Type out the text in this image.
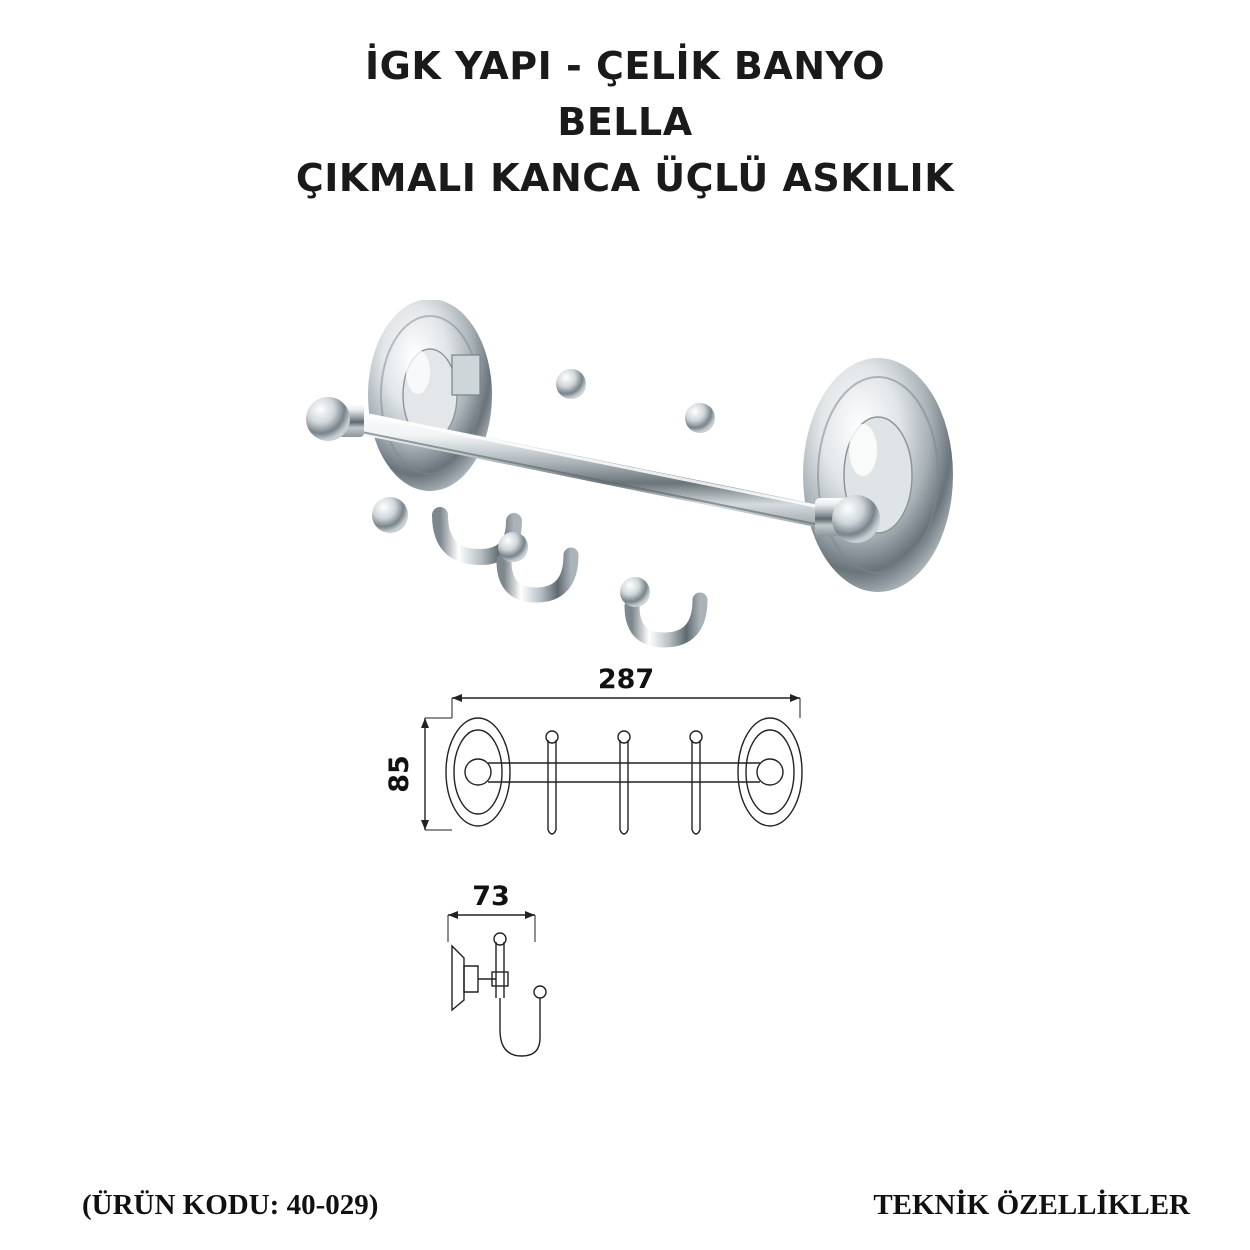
İGK YAPI - ÇELİK BANYO
BELLA
ÇIKMALI KANCA ÜÇLÜ ASKILIK
287
85
73
(ÜRÜN KODU: 40-029)	TEKNİK ÖZELLİKLER
